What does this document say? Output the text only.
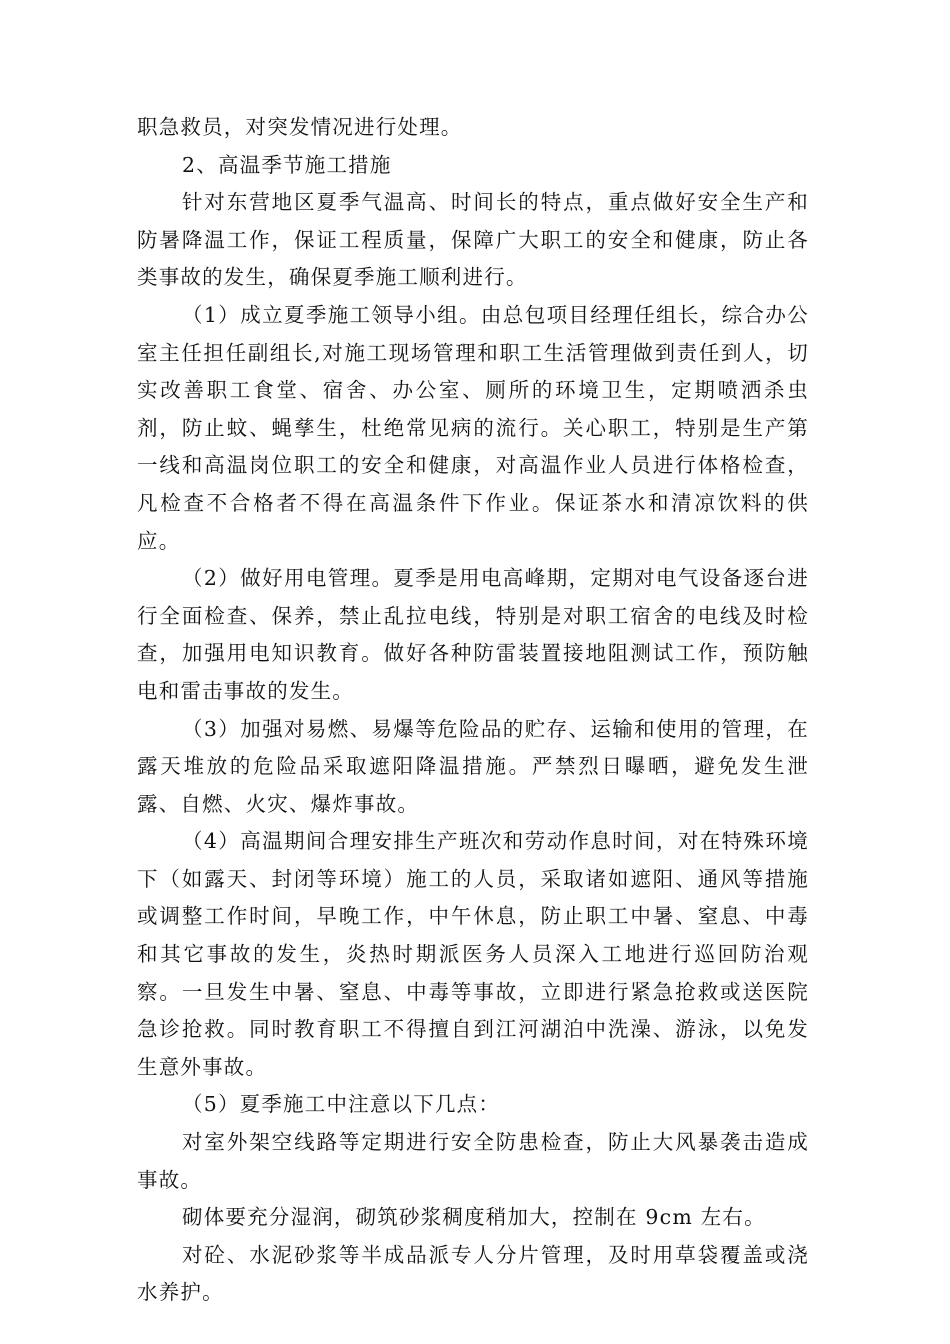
职急救员，对突发情况进行处理。

2、高温季节施工措施

针对东营地区夏季气温高、时间长的特点，重点做好安全生产和防暑降温工作，保证工程质量，保障广大职工的安全和健康，防止各类事故的发生，确保夏季施工顺利进行。

（1）成立夏季施工领导小组。由总包项目经理任组长，综合办公室主任担任副组长,对施工现场管理和职工生活管理做到责任到人，切实改善职工食堂、宿舍、办公室、厕所的环境卫生，定期喷洒杀虫剂，防止蚊、蝇孳生，杜绝常见病的流行。关心职工，特别是生产第一线和高温岗位职工的安全和健康，对高温作业人员进行体格检查，凡检查不合格者不得在高温条件下作业。保证茶水和清凉饮料的供应。

（2）做好用电管理。夏季是用电高峰期，定期对电气设备逐台进行全面检查、保养，禁止乱拉电线，特别是对职工宿舍的电线及时检查，加强用电知识教育。做好各种防雷装置接地阻测试工作，预防触电和雷击事故的发生。

（3）加强对易燃、易爆等危险品的贮存、运输和使用的管理，在露天堆放的危险品采取遮阳降温措施。严禁烈日曝晒，避免发生泄露、自燃、火灾、爆炸事故。

（4）高温期间合理安排生产班次和劳动作息时间，对在特殊环境下（如露天、封闭等环境）施工的人员，采取诸如遮阳、通风等措施或调整工作时间，早晚工作，中午休息，防止职工中暑、窒息、中毒和其它事故的发生，炎热时期派医务人员深入工地进行巡回防治观察。一旦发生中暑、窒息、中毒等事故，立即进行紧急抢救或送医院急诊抢救。同时教育职工不得擅自到江河湖泊中洗澡、游泳，以免发生意外事故。

（5）夏季施工中注意以下几点：

对室外架空线路等定期进行安全防患检查，防止大风暴袭击造成事故。

砌体要充分湿润，砌筑砂浆稠度稍加大，控制在 9cm 左右。

对砼、水泥砂浆等半成品派专人分片管理，及时用草袋覆盖或浇水养护。
